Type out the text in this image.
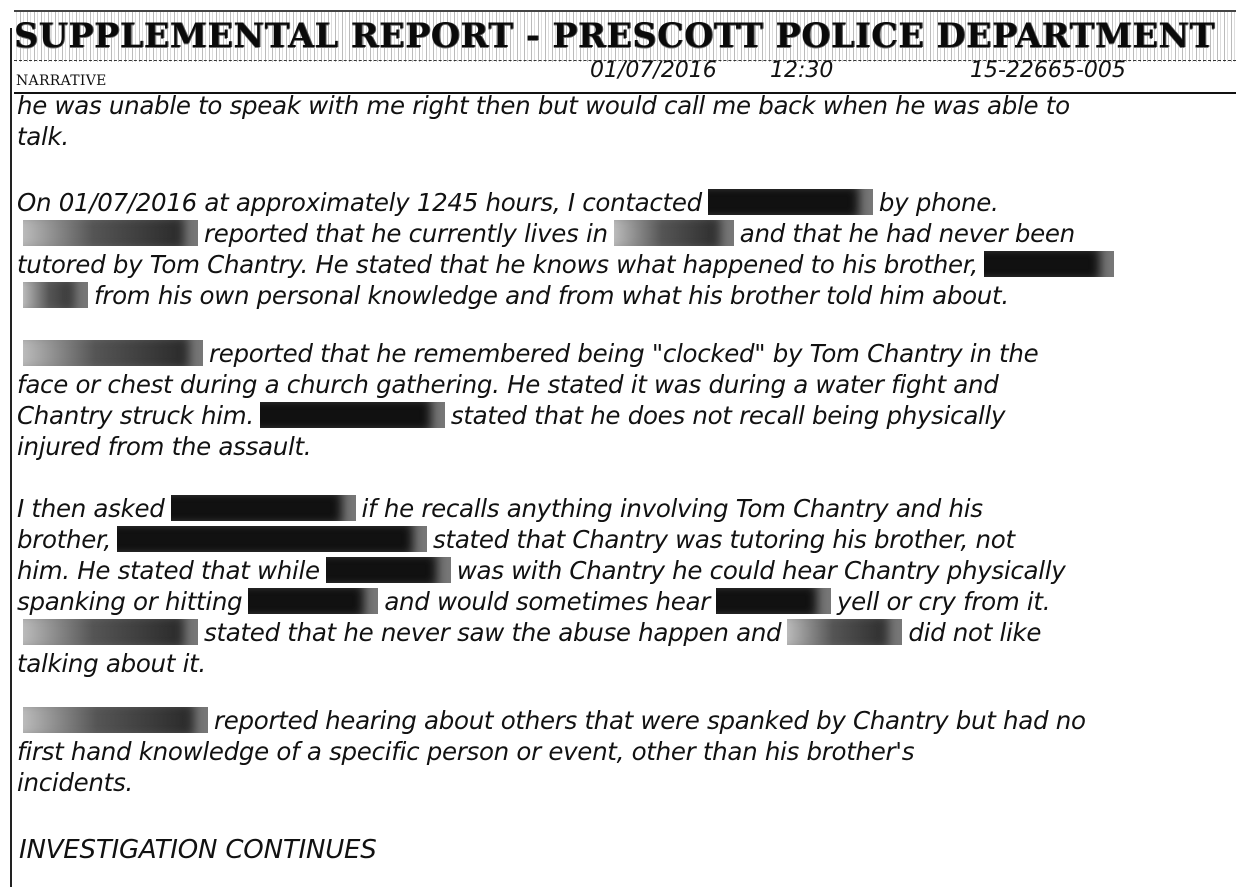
SUPPLEMENTAL REPORT - PRESCOTT POLICE DEPARTMENT
NARRATIVE	01/07/2016 12:30	15-22665-005
he was unable to speak with me right then but would call me back when he was able to
talk.
On 01/07/2016 at approximately 1245 hours, I contacted	by phone.
reported that he currently lives in	and that he had never been
tutored by Tom Chantry. He stated that he knows what happened to his brother,
from his own personal knowledge and from what his brother told him about.
reported that he remembered being "clocked" by Tom Chantry in the
face or chest during a church gathering. He stated it was during a water fight and
Chantry struck him.	stated that he does not recall being physically
injured from the assault.
I then asked	if he recalls anything involving Tom Chantry and his
brother,	stated that Chantry was tutoring his brother, not
him. He stated that while	was with Chantry he could hear Chantry physically
spanking or hitting	and would sometimes hear	yell or cry from it.
stated that he never saw the abuse happen and	did not like
talking about it.
reported hearing about others that were spanked by Chantry but had no
first hand knowledge of a specific person or event, other than his brother's
incidents.
INVESTIGATION CONTINUES
